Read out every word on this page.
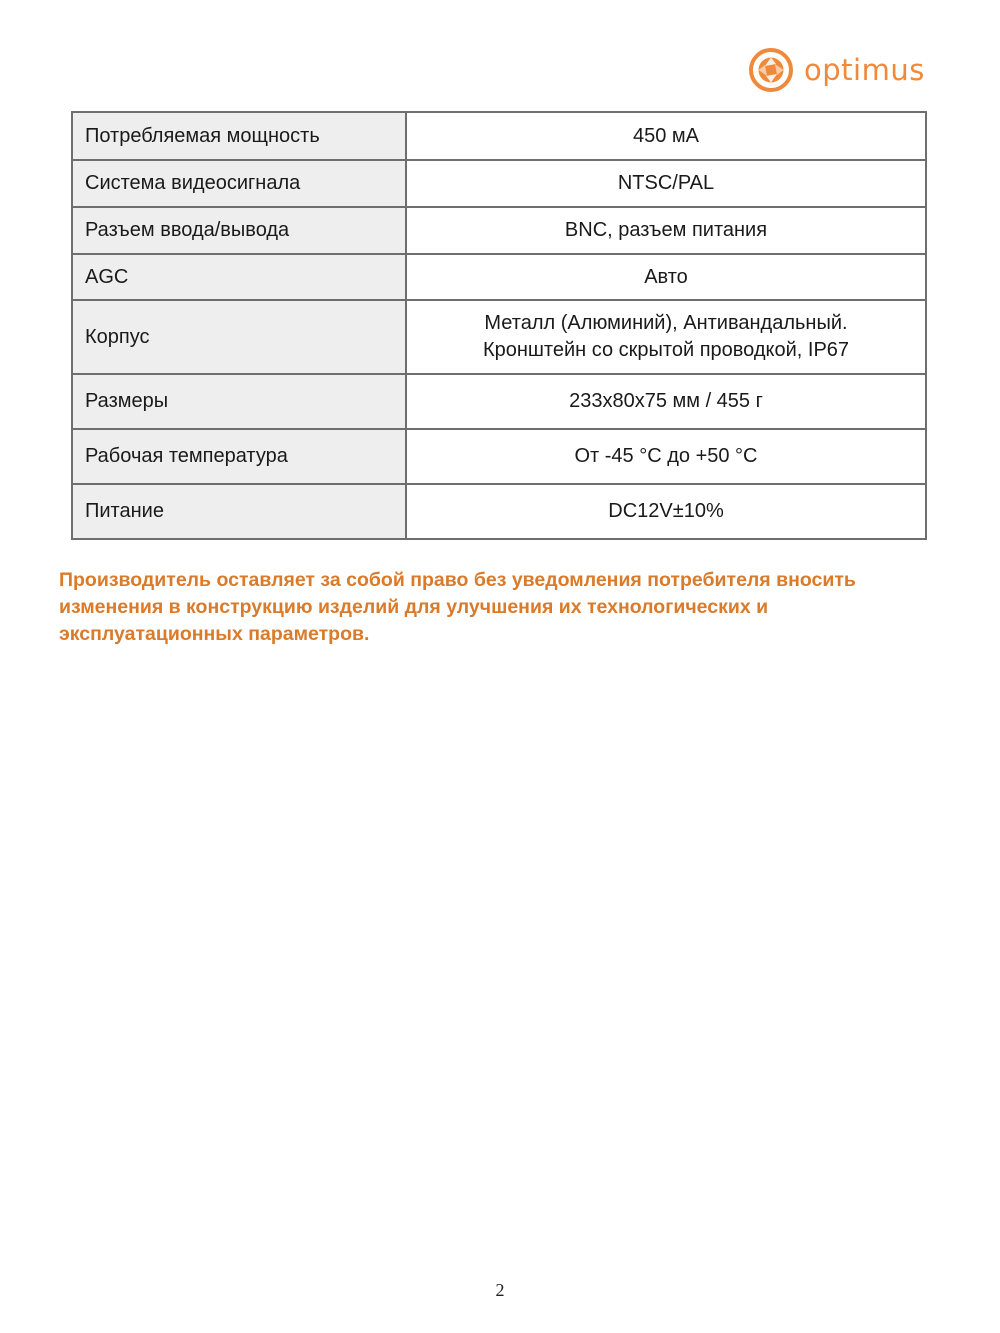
optimus
Потребляемая мощность	450 мА

Система видеосигнала	NTSC/PAL

Разъем ввода/вывода	BNC, разъем питания

AGC	Авто

Корпус	Металл (Алюминий), Антивандальный.
Кронштейн со скрытой проводкой, IP67

Размеры	233х80х75 мм / 455 г

Рабочая температура	От -45 °С до +50 °С

Питание	DC12V±10%

Производитель оставляет за собой право без уведомления потребителя вносить изменения в конструкцию изделий для улучшения их технологических и эксплуатационных параметров.

2
